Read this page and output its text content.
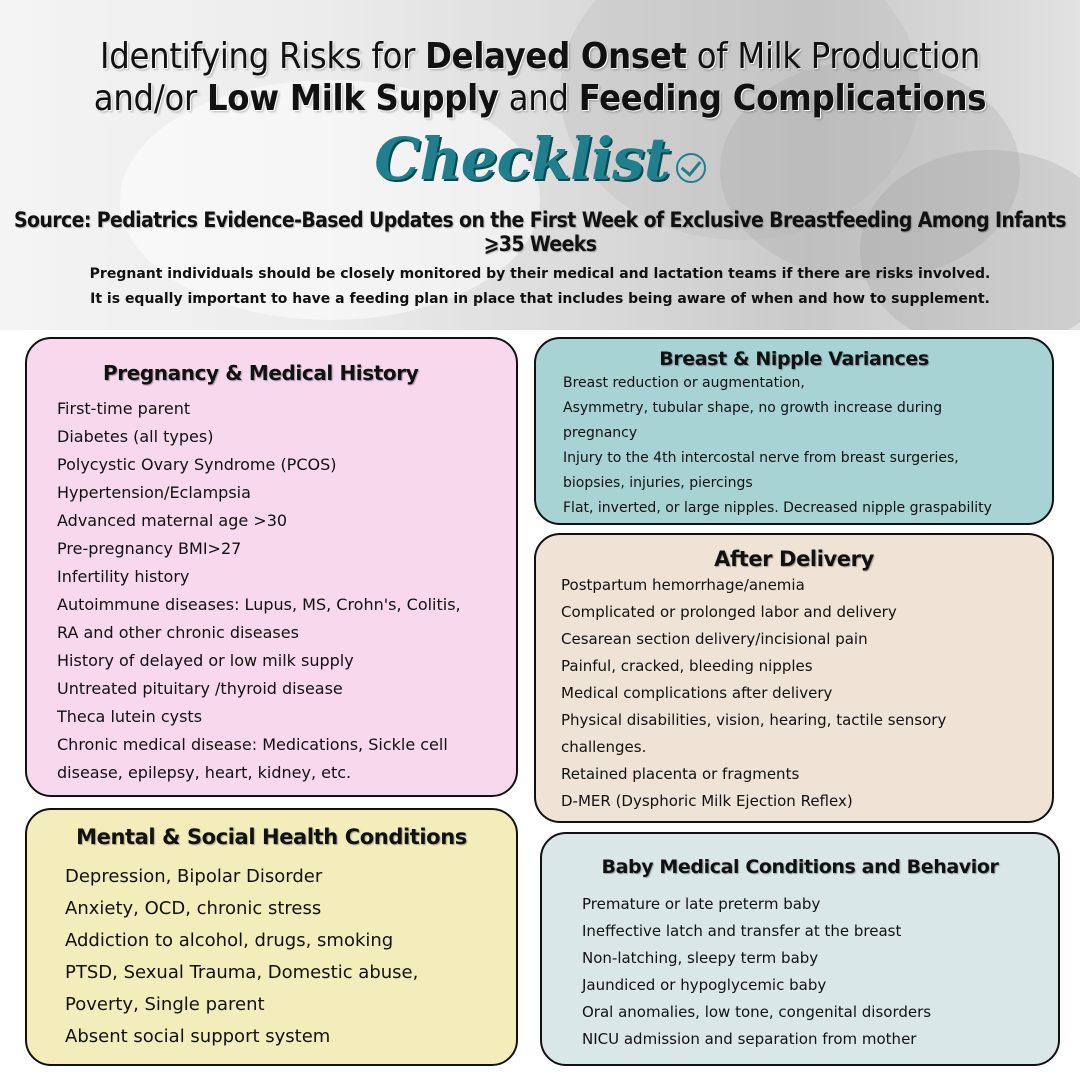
Identifying Risks for Delayed Onset of Milk Production
and/or Low Milk Supply and Feeding Complications
Checklist
Source: Pediatrics Evidence-Based Updates on the First Week of Exclusive Breastfeeding Among Infants ⩾35 Weeks
Pregnant individuals should be closely monitored by their medical and lactation teams if there are risks involved.
It is equally important to have a feeding plan in place that includes being aware of when and how to supplement.
Pregnancy & Medical History
First-time parent
Diabetes (all types)
Polycystic Ovary Syndrome (PCOS)
Hypertension/Eclampsia
Advanced maternal age >30
Pre-pregnancy BMI>27
Infertility history
Autoimmune diseases: Lupus, MS, Crohn's, Colitis,
RA and other chronic diseases
History of delayed or low milk supply
Untreated pituitary /thyroid disease
Theca lutein cysts
Chronic medical disease: Medications, Sickle cell
disease, epilepsy, heart, kidney, etc.
Breast & Nipple Variances
Breast reduction or augmentation,
Asymmetry, tubular shape, no growth increase during
pregnancy
Injury to the 4th intercostal nerve from breast surgeries,
biopsies, injuries, piercings
Flat, inverted, or large nipples. Decreased nipple graspability
After Delivery
Postpartum hemorrhage/anemia
Complicated or prolonged labor and delivery
Cesarean section delivery/incisional pain
Painful, cracked, bleeding nipples
Medical complications after delivery
Physical disabilities, vision, hearing, tactile sensory
challenges.
Retained placenta or fragments
D-MER (Dysphoric Milk Ejection Reflex)
Mental & Social Health Conditions
Depression, Bipolar Disorder
Anxiety, OCD, chronic stress
Addiction to alcohol, drugs, smoking
PTSD, Sexual Trauma, Domestic abuse,
Poverty, Single parent
Absent social support system
Baby Medical Conditions and Behavior
Premature or late preterm baby
Ineffective latch and transfer at the breast
Non-latching, sleepy term baby
Jaundiced or hypoglycemic baby
Oral anomalies, low tone, congenital disorders
NICU admission and separation from mother
